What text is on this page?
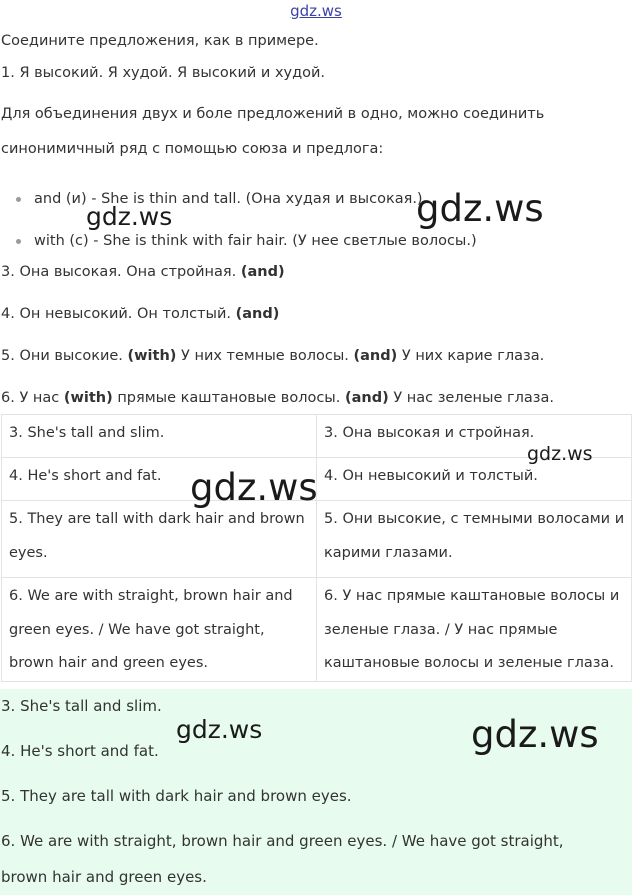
gdz.ws
Соедините предложения, как в примере.
1. Я высокий. Я худой. Я высокий и худой.
Для объединения двух и боле предложений в одно, можно соединить
синонимичный ряд с помощью союза и предлога:
and (и) - She is thin and tall. (Она худая и высокая.)
with (с) - She is think with fair hair. (У нее светлые волосы.)
3. Она высокая. Она стройная. (and)
4. Он невысокий. Он толстый. (and)
5. Они высокие. (with) У них темные волосы. (and) У них карие глаза.
6. У нас (with) прямые каштановые волосы. (and) У нас зеленые глаза.
3. She's tall and slim.	3. Она высокая и стройная.
4. He's short and fat.	4. Он невысокий и толстый.
5. They are tall with dark hair and brown eyes.	5. Они высокие, с темными волосами и карими глазами.
6. We are with straight, brown hair and green eyes. / We have got straight, brown hair and green eyes.	6. У нас прямые каштановые волосы и зеленые глаза. / У нас прямые каштановые волосы и зеленые глаза.
3. She's tall and slim.
4. He's short and fat.
5. They are tall with dark hair and brown eyes.
6. We are with straight, brown hair and green eyes. / We have got straight,
brown hair and green eyes.
gdz.ws	gdz.ws
gdz.ws
gdz.ws
gdz.ws	gdz.ws
